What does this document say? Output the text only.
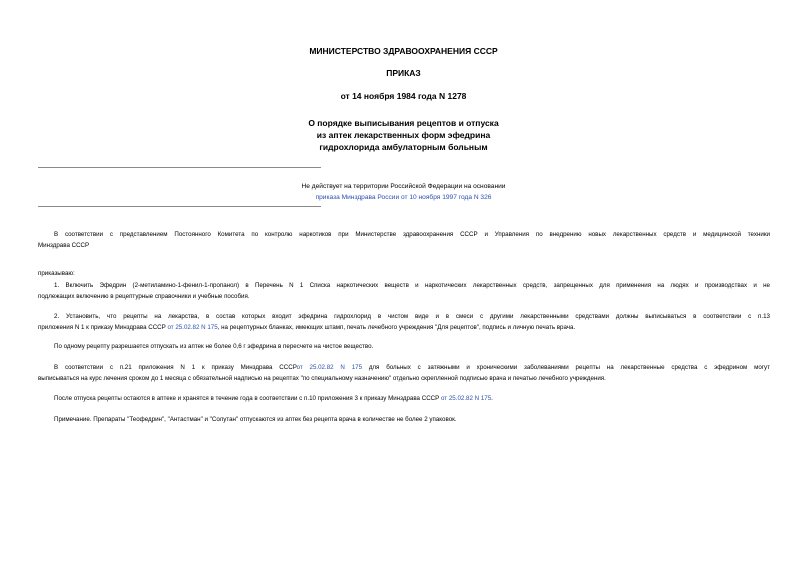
МИНИСТЕРСТВО ЗДРАВООХРАНЕНИЯ СССР
ПРИКАЗ
от 14 ноября 1984 года N 1278
О порядке выписывания рецептов и отпуска
из аптек лекарственных форм эфедрина
гидрохлорида амбулаторным больным
Не действует на территории Российской Федерации на основании
приказа Минздрава России от 10 ноября 1997 года N 326
В соответствии с представлением Постоянного Комитета по контролю наркотиков при Министерстве здравоохранения СССР и Управления по внедрению новых лекарственных средств и медицинской техники
Минздрава СССР
приказываю:
1. Включить Эфедрин (2-метиламино-1-фенил-1-пропанол) в Перечень N 1 Списка наркотических веществ и наркотических лекарственных средств, запрещенных для применения на людях и производствах и не
подлежащих включению в рецептурные справочники и учебные пособия.
2. Установить, что рецепты на лекарства, в состав которых входит эфедрина гидрохлорид в чистом виде и в смеси с другими лекарственными средствами должны выписываться в соответствии с п.13
приложения N 1 к приказу Минздрава СССР от 25.02.82 N 175, на рецептурных бланках, имеющих штамп, печать лечебного учреждения "Для рецептов", подпись и личную печать врача.
По одному рецепту разрешается отпускать из аптек не более 0,6 г эфедрина в пересчете на чистое вещество.
В соответствии с п.21 приложения N 1 к приказу Минздрава СССРот 25.02.82 N 175 для больных с затяжными и хроническими заболеваниями рецепты на лекарственные средства с эфедрином могут
выписываться на курс лечения сроком до 1 месяца с обязательной надписью на рецептах "по специальному назначению" отдельно скрепленной подписью врача и печатью лечебного учреждения.
После отпуска рецепты остаются в аптеке и хранятся в течение года в соответствии с п.10 приложения 3 к приказу Минздрава СССР от 25.02.82 N 175.
Примечание. Препараты "Теофедрин", "Антастман" и "Солутан" отпускаются из аптек без рецепта врача в количестве не более 2 упаковок.
